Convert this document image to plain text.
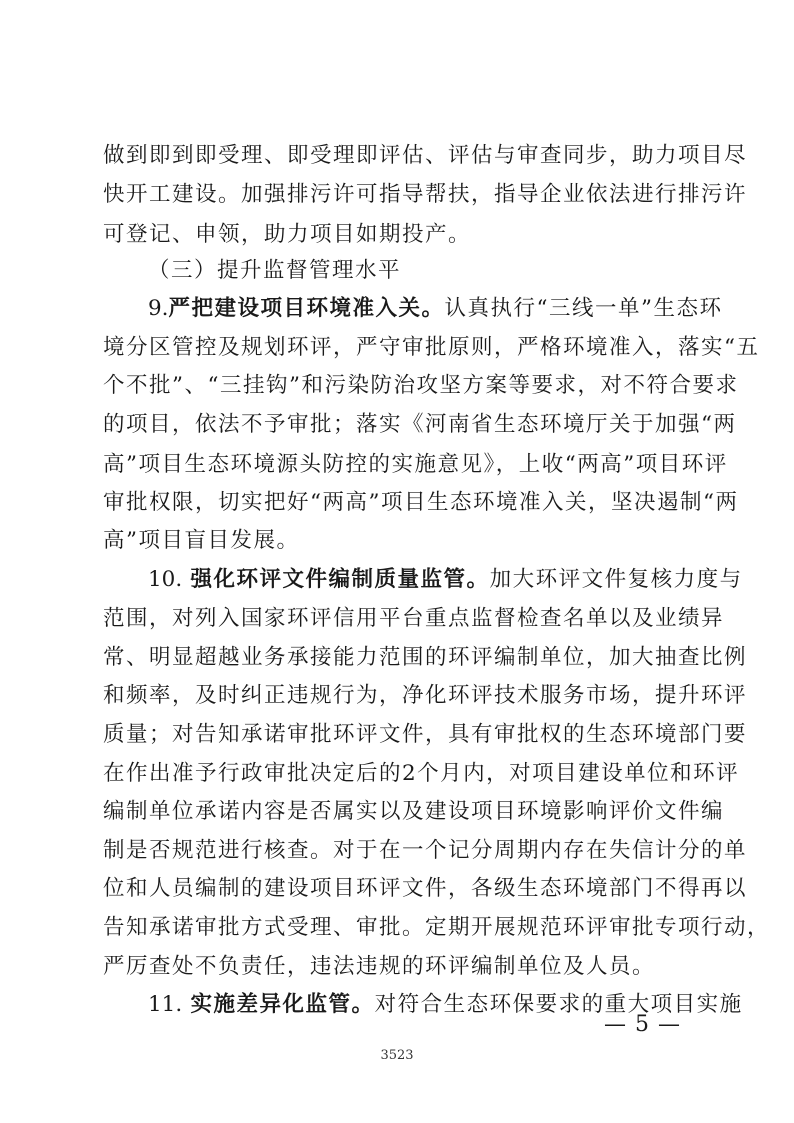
做到即到即受理、即受理即评估、评估与审查同步，助力项目尽
快开工建设。加强排污许可指导帮扶，指导企业依法进行排污许
可登记、申领，助力项目如期投产。
（三）提升监督管理水平
9.严把建设项目环境准入关。认真执行“三线一单”生态环
境分区管控及规划环评，严守审批原则，严格环境准入，落实“五
个不批”、“三挂钩”和污染防治攻坚方案等要求，对不符合要求
的项目，依法不予审批；落实《河南省生态环境厅关于加强“两
高”项目生态环境源头防控的实施意见》，上收“两高”项目环评
审批权限，切实把好“两高”项目生态环境准入关，坚决遏制“两
高”项目盲目发展。
10. 强化环评文件编制质量监管。加大环评文件复核力度与
范围，对列入国家环评信用平台重点监督检查名单以及业绩异
常、明显超越业务承接能力范围的环评编制单位，加大抽查比例
和频率，及时纠正违规行为，净化环评技术服务市场，提升环评
质量；对告知承诺审批环评文件，具有审批权的生态环境部门要
在作出准予行政审批决定后的2个月内，对项目建设单位和环评
编制单位承诺内容是否属实以及建设项目环境影响评价文件编
制是否规范进行核查。对于在一个记分周期内存在失信计分的单
位和人员编制的建设项目环评文件，各级生态环境部门不得再以
告知承诺审批方式受理、审批。定期开展规范环评审批专项行动，
严厉查处不负责任，违法违规的环评编制单位及人员。
11. 实施差异化监管。对符合生态环保要求的重大项目实施
— 5 —
3523
